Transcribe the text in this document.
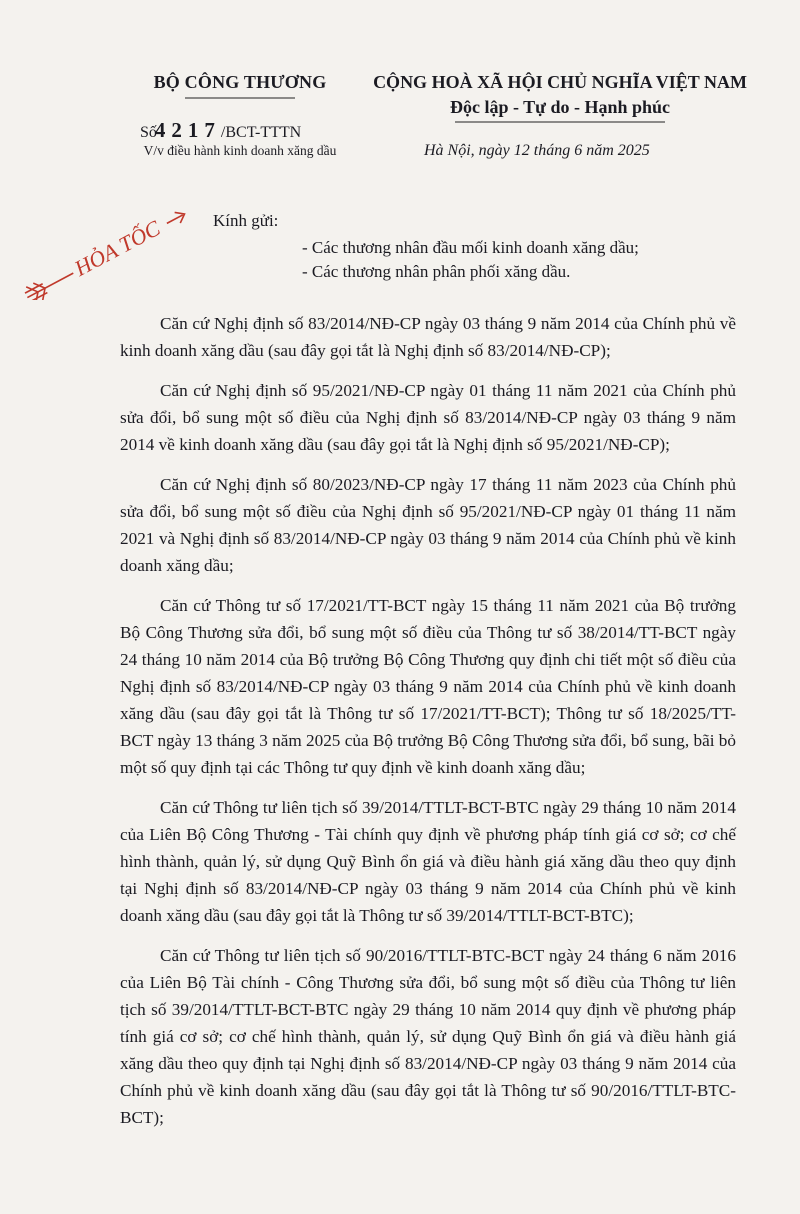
BỘ CÔNG THƯƠNG	CỘNG HOÀ XÃ HỘI CHỦ NGHĨA VIỆT NAM
Độc lập - Tự do - Hạnh phúc
Số4217/BCT-TTTN
V/v điều hành kinh doanh xăng dầu	Hà Nội, ngày 12 tháng 6 năm 2025
HỎA TỐC	Kính gửi:
- Các thương nhân đầu mối kinh doanh xăng dầu;
- Các thương nhân phân phối xăng dầu.

Căn cứ Nghị định số 83/2014/NĐ-CP ngày 03 tháng 9 năm 2014 của Chính phủ về kinh doanh xăng dầu (sau đây gọi tắt là Nghị định số 83/2014/NĐ-CP);

Căn cứ Nghị định số 95/2021/NĐ-CP ngày 01 tháng 11 năm 2021 của Chính phủ sửa đổi, bổ sung một số điều của Nghị định số 83/2014/NĐ-CP ngày 03 tháng 9 năm 2014 về kinh doanh xăng dầu (sau đây gọi tắt là Nghị định số 95/2021/NĐ-CP);

Căn cứ Nghị định số 80/2023/NĐ-CP ngày 17 tháng 11 năm 2023 của Chính phủ sửa đổi, bổ sung một số điều của Nghị định số 95/2021/NĐ-CP ngày 01 tháng 11 năm 2021 và Nghị định số 83/2014/NĐ-CP ngày 03 tháng 9 năm 2014 của Chính phủ về kinh doanh xăng dầu;

Căn cứ Thông tư số 17/2021/TT-BCT ngày 15 tháng 11 năm 2021 của Bộ trưởng Bộ Công Thương sửa đổi, bổ sung một số điều của Thông tư số 38/2014/TT-BCT ngày 24 tháng 10 năm 2014 của Bộ trưởng Bộ Công Thương quy định chi tiết một số điều của Nghị định số 83/2014/NĐ-CP ngày 03 tháng 9 năm 2014 của Chính phủ về kinh doanh xăng dầu (sau đây gọi tắt là Thông tư số 17/2021/TT-BCT); Thông tư số 18/2025/TT-BCT ngày 13 tháng 3 năm 2025 của Bộ trưởng Bộ Công Thương sửa đổi, bổ sung, bãi bỏ một số quy định tại các Thông tư quy định về kinh doanh xăng dầu;

Căn cứ Thông tư liên tịch số 39/2014/TTLT-BCT-BTC ngày 29 tháng 10 năm 2014 của Liên Bộ Công Thương - Tài chính quy định về phương pháp tính giá cơ sở; cơ chế hình thành, quản lý, sử dụng Quỹ Bình ổn giá và điều hành giá xăng dầu theo quy định tại Nghị định số 83/2014/NĐ-CP ngày 03 tháng 9 năm 2014 của Chính phủ về kinh doanh xăng dầu (sau đây gọi tắt là Thông tư số 39/2014/TTLT-BCT-BTC);

Căn cứ Thông tư liên tịch số 90/2016/TTLT-BTC-BCT ngày 24 tháng 6 năm 2016 của Liên Bộ Tài chính - Công Thương sửa đổi, bổ sung một số điều của Thông tư liên tịch số 39/2014/TTLT-BCT-BTC ngày 29 tháng 10 năm 2014 quy định về phương pháp tính giá cơ sở; cơ chế hình thành, quản lý, sử dụng Quỹ Bình ổn giá và điều hành giá xăng dầu theo quy định tại Nghị định số 83/2014/NĐ-CP ngày 03 tháng 9 năm 2014 của Chính phủ về kinh doanh xăng dầu (sau đây gọi tắt là Thông tư số 90/2016/TTLT-BTC-BCT);
